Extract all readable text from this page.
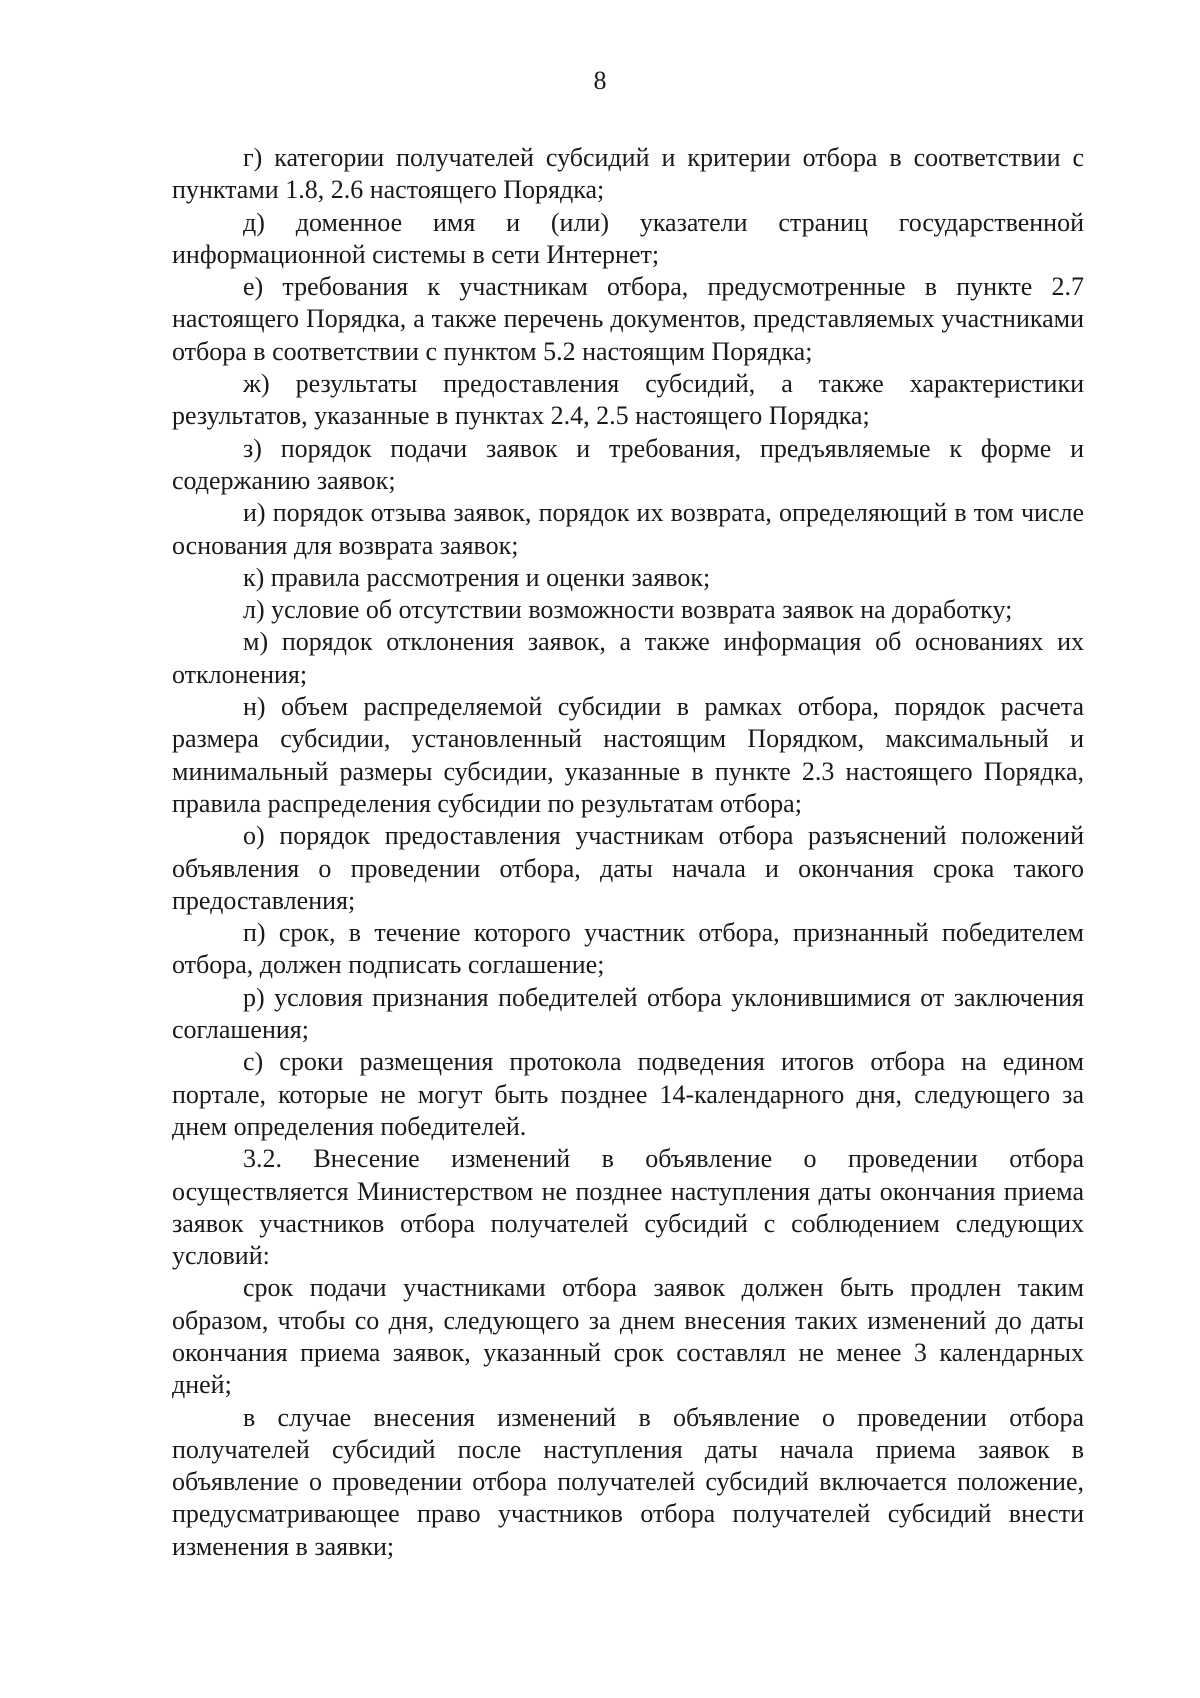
8

г) категории получателей субсидий и критерии отбора в соответствии с пунктами 1.8, 2.6 настоящего Порядка;

д) доменное имя и (или) указатели страниц государственной информационной системы в сети Интернет;

е) требования к участникам отбора, предусмотренные в пункте 2.7 настоящего Порядка, а также перечень документов, представляемых участниками отбора в соответствии с пунктом 5.2 настоящим Порядка;

ж) результаты предоставления субсидий, а также характеристики результатов, указанные в пунктах 2.4, 2.5 настоящего Порядка;

з) порядок подачи заявок и требования, предъявляемые к форме и содержанию заявок;

и) порядок отзыва заявок, порядок их возврата, определяющий в том числе основания для возврата заявок;

к) правила рассмотрения и оценки заявок;

л) условие об отсутствии возможности возврата заявок на доработку;

м) порядок отклонения заявок, а также информация об основаниях их отклонения;

н) объем распределяемой субсидии в рамках отбора, порядок расчета размера субсидии, установленный настоящим Порядком, максимальный и минимальный размеры субсидии, указанные в пункте 2.3 настоящего Порядка, правила распределения субсидии по результатам отбора;

о) порядок предоставления участникам отбора разъяснений положений объявления о проведении отбора, даты начала и окончания срока такого предоставления;

п) срок, в течение которого участник отбора, признанный победителем отбора, должен подписать соглашение;

р) условия признания победителей отбора уклонившимися от заключения соглашения;

с) сроки размещения протокола подведения итогов отбора на едином портале, которые не могут быть позднее 14-календарного дня, следующего за днем определения победителей.

3.2. Внесение изменений в объявление о проведении отбора осуществляется Министерством не позднее наступления даты окончания приема заявок участников отбора получателей субсидий с соблюдением следующих условий:

срок подачи участниками отбора заявок должен быть продлен таким образом, чтобы со дня, следующего за днем внесения таких изменений до даты окончания приема заявок, указанный срок составлял не менее 3 календарных дней;

в случае внесения изменений в объявление о проведении отбора получателей субсидий после наступления даты начала приема заявок в объявление о проведении отбора получателей субсидий включается положение, предусматривающее право участников отбора получателей субсидий внести изменения в заявки;
